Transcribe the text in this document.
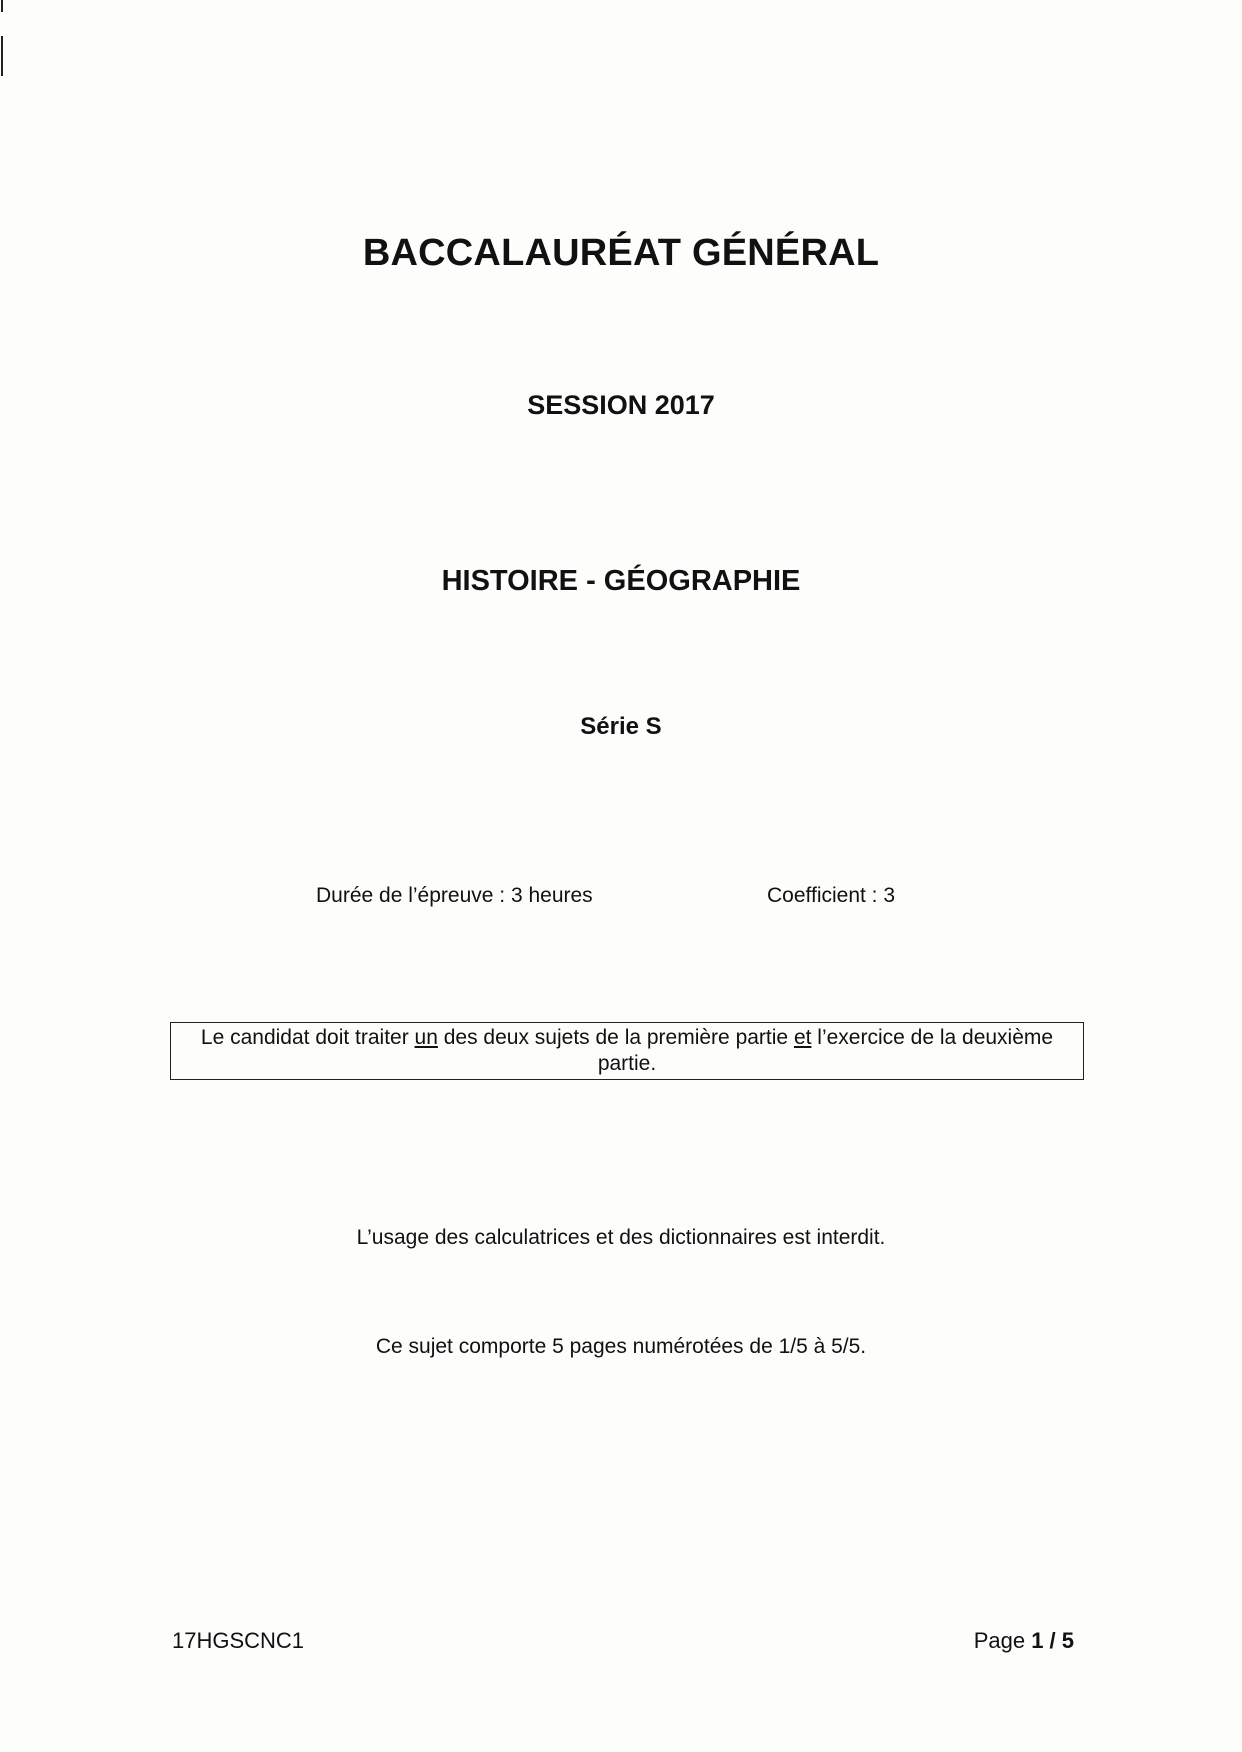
BACCALAURÉAT GÉNÉRAL
SESSION 2017
HISTOIRE - GÉOGRAPHIE
Série S
Durée de l’épreuve : 3 heures	Coefficient : 3
Le candidat doit traiter un des deux sujets de la première partie et l’exercice de la deuxième partie.
L’usage des calculatrices et des dictionnaires est interdit.
Ce sujet comporte 5 pages numérotées de 1/5 à 5/5.
17HGSCNC1	Page 1 / 5
